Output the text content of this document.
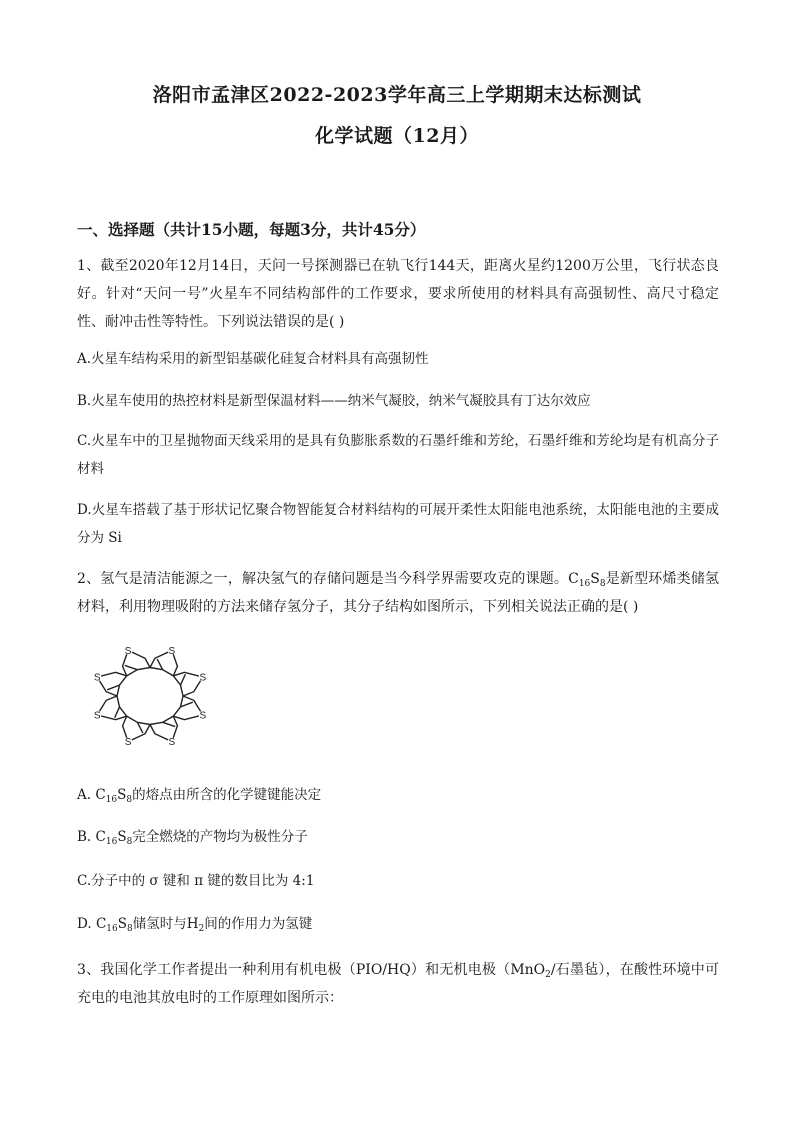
洛阳市孟津区2022-2023学年高三上学期期末达标测试
化学试题（12月）
一、选择题（共计15小题，每题3分，共计45分）
1、截至2020年12月14日，天问一号探测器已在轨飞行144天，距离火星约1200万公里，飞行状态良好。针对“天问一号”火星车不同结构部件的工作要求，要求所使用的材料具有高强韧性、高尺寸稳定性、耐冲击性等特性。下列说法错误的是( )
A.火星车结构采用的新型铝基碳化硅复合材料具有高强韧性
B.火星车使用的热控材料是新型保温材料——纳米气凝胶，纳米气凝胶具有丁达尔效应
C.火星车中的卫星抛物面天线采用的是具有负膨胀系数的石墨纤维和芳纶，石墨纤维和芳纶均是有机高分子材料
D.火星车搭载了基于形状记忆聚合物智能复合材料结构的可展开柔性太阳能电池系统，太阳能电池的主要成分为 Si
2、氢气是清洁能源之一，解决氢气的存储问题是当今科学界需要攻克的课题。$C_{16}S_8$是新型环烯类储氢材料，利用物理吸附的方法来储存氢分子，其分子结构如图所示，下列相关说法正确的是( )
S
S
S
S
S
S
S
S
A. $C_{16}S_8$的熔点由所含的化学键键能决定
B. $C_{16}S_8$完全燃烧的产物均为极性分子
C.分子中的 σ 键和 π 键的数目比为 4:1
D. $C_{16}S_8$储氢时与$H_2$间的作用力为氢键
3、我国化学工作者提出一种利用有机电极（PIO/HQ）和无机电极（MnO$_2$/石墨毡），在酸性环境中可充电的电池其放电时的工作原理如图所示：
